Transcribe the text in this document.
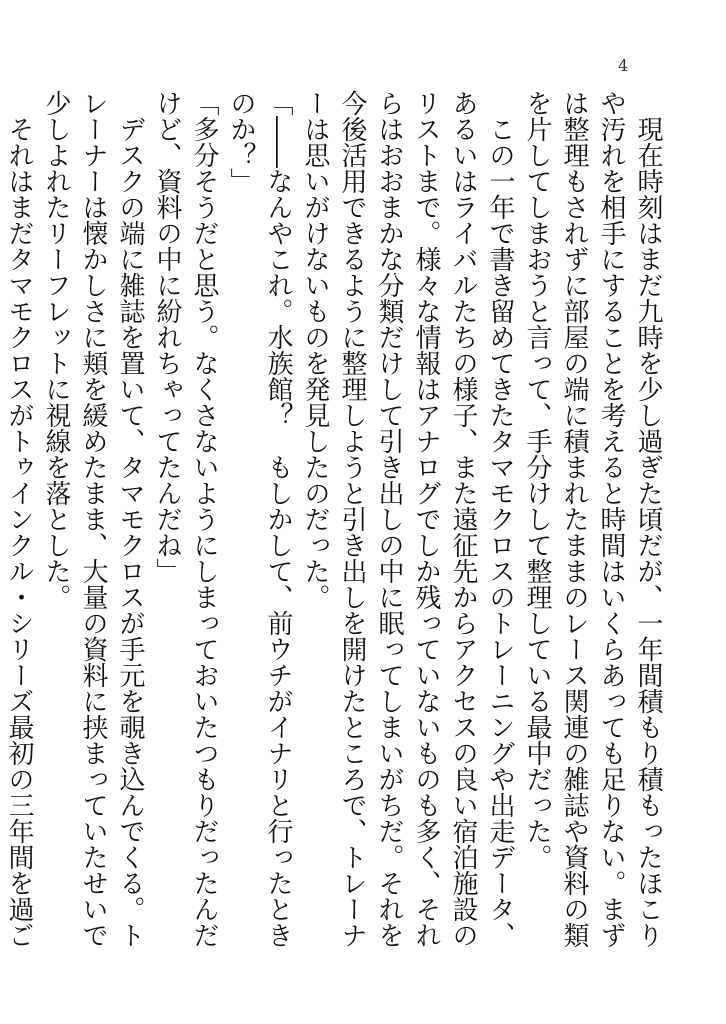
4

現在時刻はまだ九時を少し過ぎた頃だが、一年間積もり積もったほこりや汚れを相手にすることを考えると時間はいくらあっても足りない。まずは整理もされずに部屋の端に積まれたままのレース関連の雑誌や資料の類を片してしまおうと言って、手分けして整理している最中だった。

この一年で書き留めてきたタマモクロスのトレーニングや出走データ、あるいはライバルたちの様子、また遠征先からアクセスの良い宿泊施設のリストまで。様々な情報はアナログでしか残っていないものも多く、それらはおおまかな分類だけして引き出しの中に眠ってしまいがちだ。それを今後活用できるように整理しようと引き出しを開けたところで、トレーナーは思いがけないものを発見したのだった。

「――なんやこれ。水族館？　もしかして、前ウチがイナリと行ったときのか？」

「多分そうだと思う。なくさないようにしまっておいたつもりだったんだけど、資料の中に紛れちゃってたんだね」

デスクの端に雑誌を置いて、タマモクロスが手元を覗き込んでくる。トレーナーは懐かしさに頬を緩めたまま、大量の資料に挟まっていたせいで少しよれたリーフレットに視線を落とした。

それはまだタマモクロスがトゥインクル・シリーズ最初の三年間を過ご
